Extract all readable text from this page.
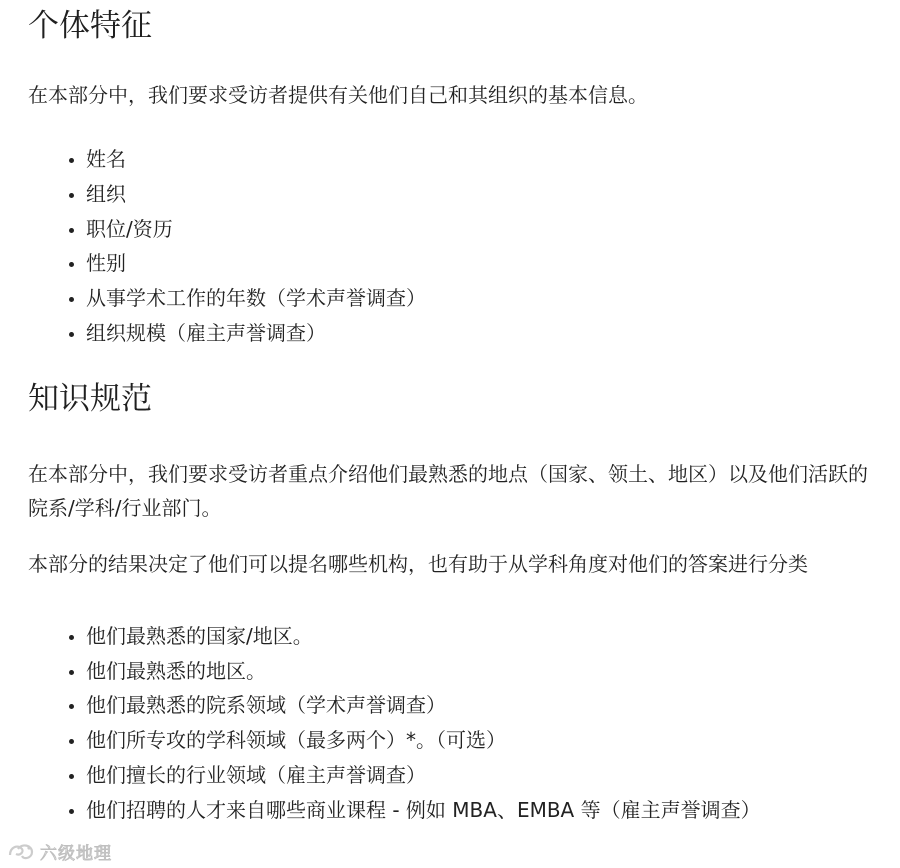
个体特征

在本部分中，我们要求受访者提供有关他们自己和其组织的基本信息。

• 姓名
• 组织
• 职位/资历
• 性别
• 从事学术工作的年数（学术声誉调查）
• 组织规模（雇主声誉调查）
知识规范

在本部分中，我们要求受访者重点介绍他们最熟悉的地点（国家、领土、地区）以及他们活跃的院系/学科/行业部门。

本部分的结果决定了他们可以提名哪些机构，也有助于从学科角度对他们的答案进行分类

• 他们最熟悉的国家/地区。
• 他们最熟悉的地区。
• 他们最熟悉的院系领域（学术声誉调查）
• 他们所专攻的学科领域（最多两个）*。（可选）
• 他们擅长的行业领域（雇主声誉调查）
• 他们招聘的人才来自哪些商业课程 - 例如 MBA、EMBA 等（雇主声誉调查）
六级地理
